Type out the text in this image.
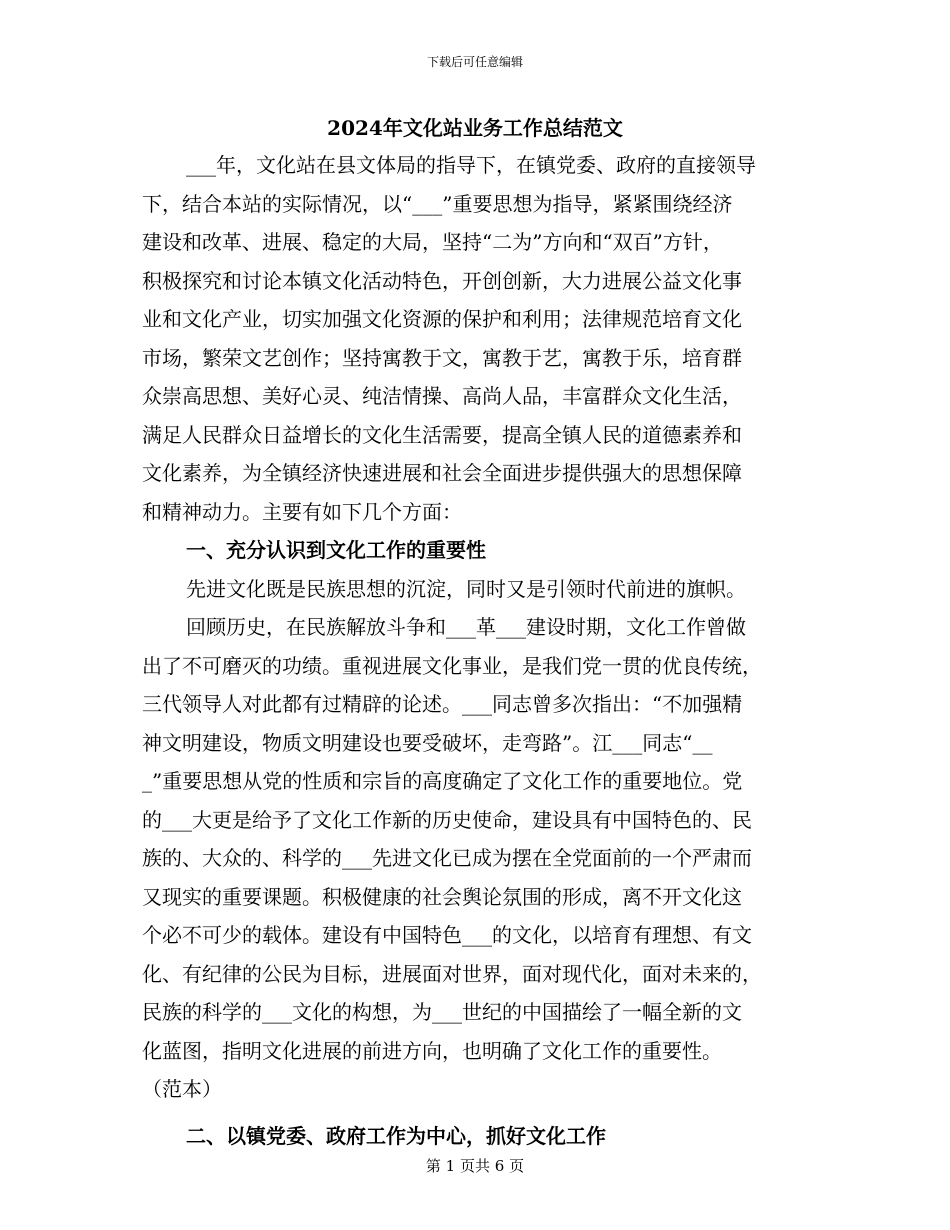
下载后可任意编辑
2024年文化站业务工作总结范文
___年，文化站在县文体局的指导下，在镇党委、政府的直接领导
下，结合本站的实际情况，以“___”重要思想为指导，紧紧围绕经济
建设和改革、进展、稳定的大局，坚持“二为”方向和“双百”方针，
积极探究和讨论本镇文化活动特色，开创创新，大力进展公益文化事
业和文化产业，切实加强文化资源的保护和利用；法律规范培育文化
市场，繁荣文艺创作；坚持寓教于文，寓教于艺，寓教于乐，培育群
众崇高思想、美好心灵、纯洁情操、高尚人品，丰富群众文化生活，
满足人民群众日益增长的文化生活需要，提高全镇人民的道德素养和
文化素养，为全镇经济快速进展和社会全面进步提供强大的思想保障
和精神动力。主要有如下几个方面：
一、充分认识到文化工作的重要性
先进文化既是民族思想的沉淀，同时又是引领时代前进的旗帜。
回顾历史，在民族解放斗争和___革___建设时期，文化工作曾做
出了不可磨灭的功绩。重视进展文化事业，是我们党一贯的优良传统，
三代领导人对此都有过精辟的论述。___同志曾多次指出：“不加强精
神文明建设，物质文明建设也要受破坏，走弯路”。江___同志“__
_”重要思想从党的性质和宗旨的高度确定了文化工作的重要地位。党
的___大更是给予了文化工作新的历史使命，建设具有中国特色的、民
族的、大众的、科学的___先进文化已成为摆在全党面前的一个严肃而
又现实的重要课题。积极健康的社会舆论氛围的形成，离不开文化这
个必不可少的载体。建设有中国特色___的文化，以培育有理想、有文
化、有纪律的公民为目标，进展面对世界，面对现代化，面对未来的，
民族的科学的___文化的构想，为___世纪的中国描绘了一幅全新的文
化蓝图，指明文化进展的前进方向，也明确了文化工作的重要性。
（范本）
二、以镇党委、政府工作为中心，抓好文化工作
第 1 页共 6 页
